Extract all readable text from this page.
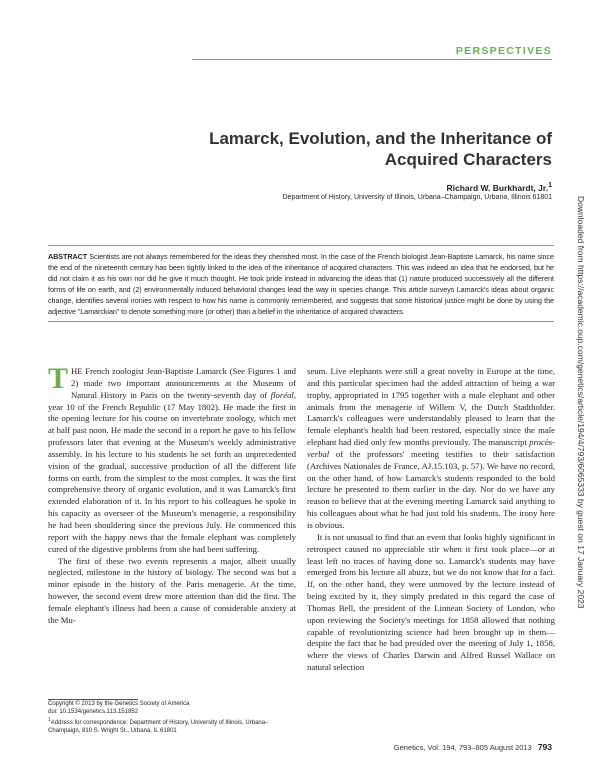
PERSPECTIVES
Lamarck, Evolution, and the Inheritance of Acquired Characters
Richard W. Burkhardt, Jr.$^1$
Department of History, University of Illinois, Urbana–Champaign, Urbana, Illinois 61801	Downloaded from https://academic.oup.com/genetics/article/194/4/793/6065333 by guest on 17 January 2023
ABSTRACT Scientists are not always remembered for the ideas they cherished most. In the case of the French biologist Jean-Baptiste Lamarck, his name since the end of the nineteenth century has been tightly linked to the idea of the inheritance of acquired characters. This was indeed an idea that he endorsed, but he did not claim it as his own nor did he give it much thought. He took pride instead in advancing the ideas that (1) nature produced successively all the different forms of life on earth, and (2) environmentally induced behavioral changes lead the way in species change. This article surveys Lamarck's ideas about organic change, identifies several ironies with respect to how his name is commonly remembered, and suggests that some historical justice might be done by using the adjective “Lamarckian” to denote something more (or other) than a belief in the inheritance of acquired characters.

THE French zoologist Jean-Baptiste Lamarck (See Figures 1 and 2) made two important announcements at the Museum of Natural History in Paris on the twenty-seventh day of floréal, year 10 of the French Republic (17 May 1802). He made the first in the opening lecture for his course on invertebrate zoology, which met at half past noon. He made the second in a report he gave to his fellow professors later that evening at the Museum's weekly administrative assembly. In his lecture to his students he set forth an unprecedented vision of the gradual, successive production of all the different life forms on earth, from the simplest to the most complex. It was the first comprehensive theory of organic evolution, and it was Lamarck's first extended elaboration of it. In his report to his colleagues he spoke in his capacity as overseer of the Museum's menagerie, a responsibility he had been shouldering since the previous July. He commenced this report with the happy news that the female elephant was completely cured of the digestive problems from she had been suffering.

The first of these two events represents a major, albeit usually neglected, milestone in the history of biology. The second was but a minor episode in the history of the Paris menagerie. At the time, however, the second event drew more attention than did the first. The female elephant's illness had been a cause of considerable anxiety at the Mu-

seum. Live elephants were still a great novelty in Europe at the time, and this particular specimen had the added attraction of being a war trophy, appropriated in 1795 together with a male elephant and other animals from the menagerie of Willem V, the Dutch Stadtholder. Lamarck's colleagues were understandably pleased to learn that the female elephant's health had been restored, especially since the male elephant had died only few months previously. The manuscript procès-verbal of the professors' meeting testifies to their satisfaction (Archives Nationales de France, AJ.15.103, p. 57). We have no record, on the other hand, of how Lamarck's students responded to the bold lecture he presented to them earlier in the day. Nor do we have any reason to believe that at the evening meeting Lamarck said anything to his colleagues about what he had just told his students. The irony here is obvious.

It is not unusual to find that an event that looks highly significant in retrospect caused no appreciable stir when it first took place—or at least left no traces of having done so. Lamarck's students may have emerged from his lecture all abuzz, but we do not know that for a fact. If, on the other hand, they were unmoved by the lecture instead of being excited by it, they simply predated in this regard the case of Thomas Bell, the president of the Linnean Society of London, who upon reviewing the Society's meetings for 1858 allowed that nothing capable of revolutionizing science had been brought up in them—despite the fact that he had presided over the meeting of July 1, 1858, where the views of Charles Darwin and Alfred Russel Wallace on natural selection

Copyright © 2013 by the Genetics Society of America
doi: 10.1534/genetics.113.151852
$^1$Address for correspondence: Department of History, University of Illinois, Urbana–Champaign, 810 S. Wright St., Urbana, IL 61801
Genetics, Vol. 194, 793–805 August 2013 793
